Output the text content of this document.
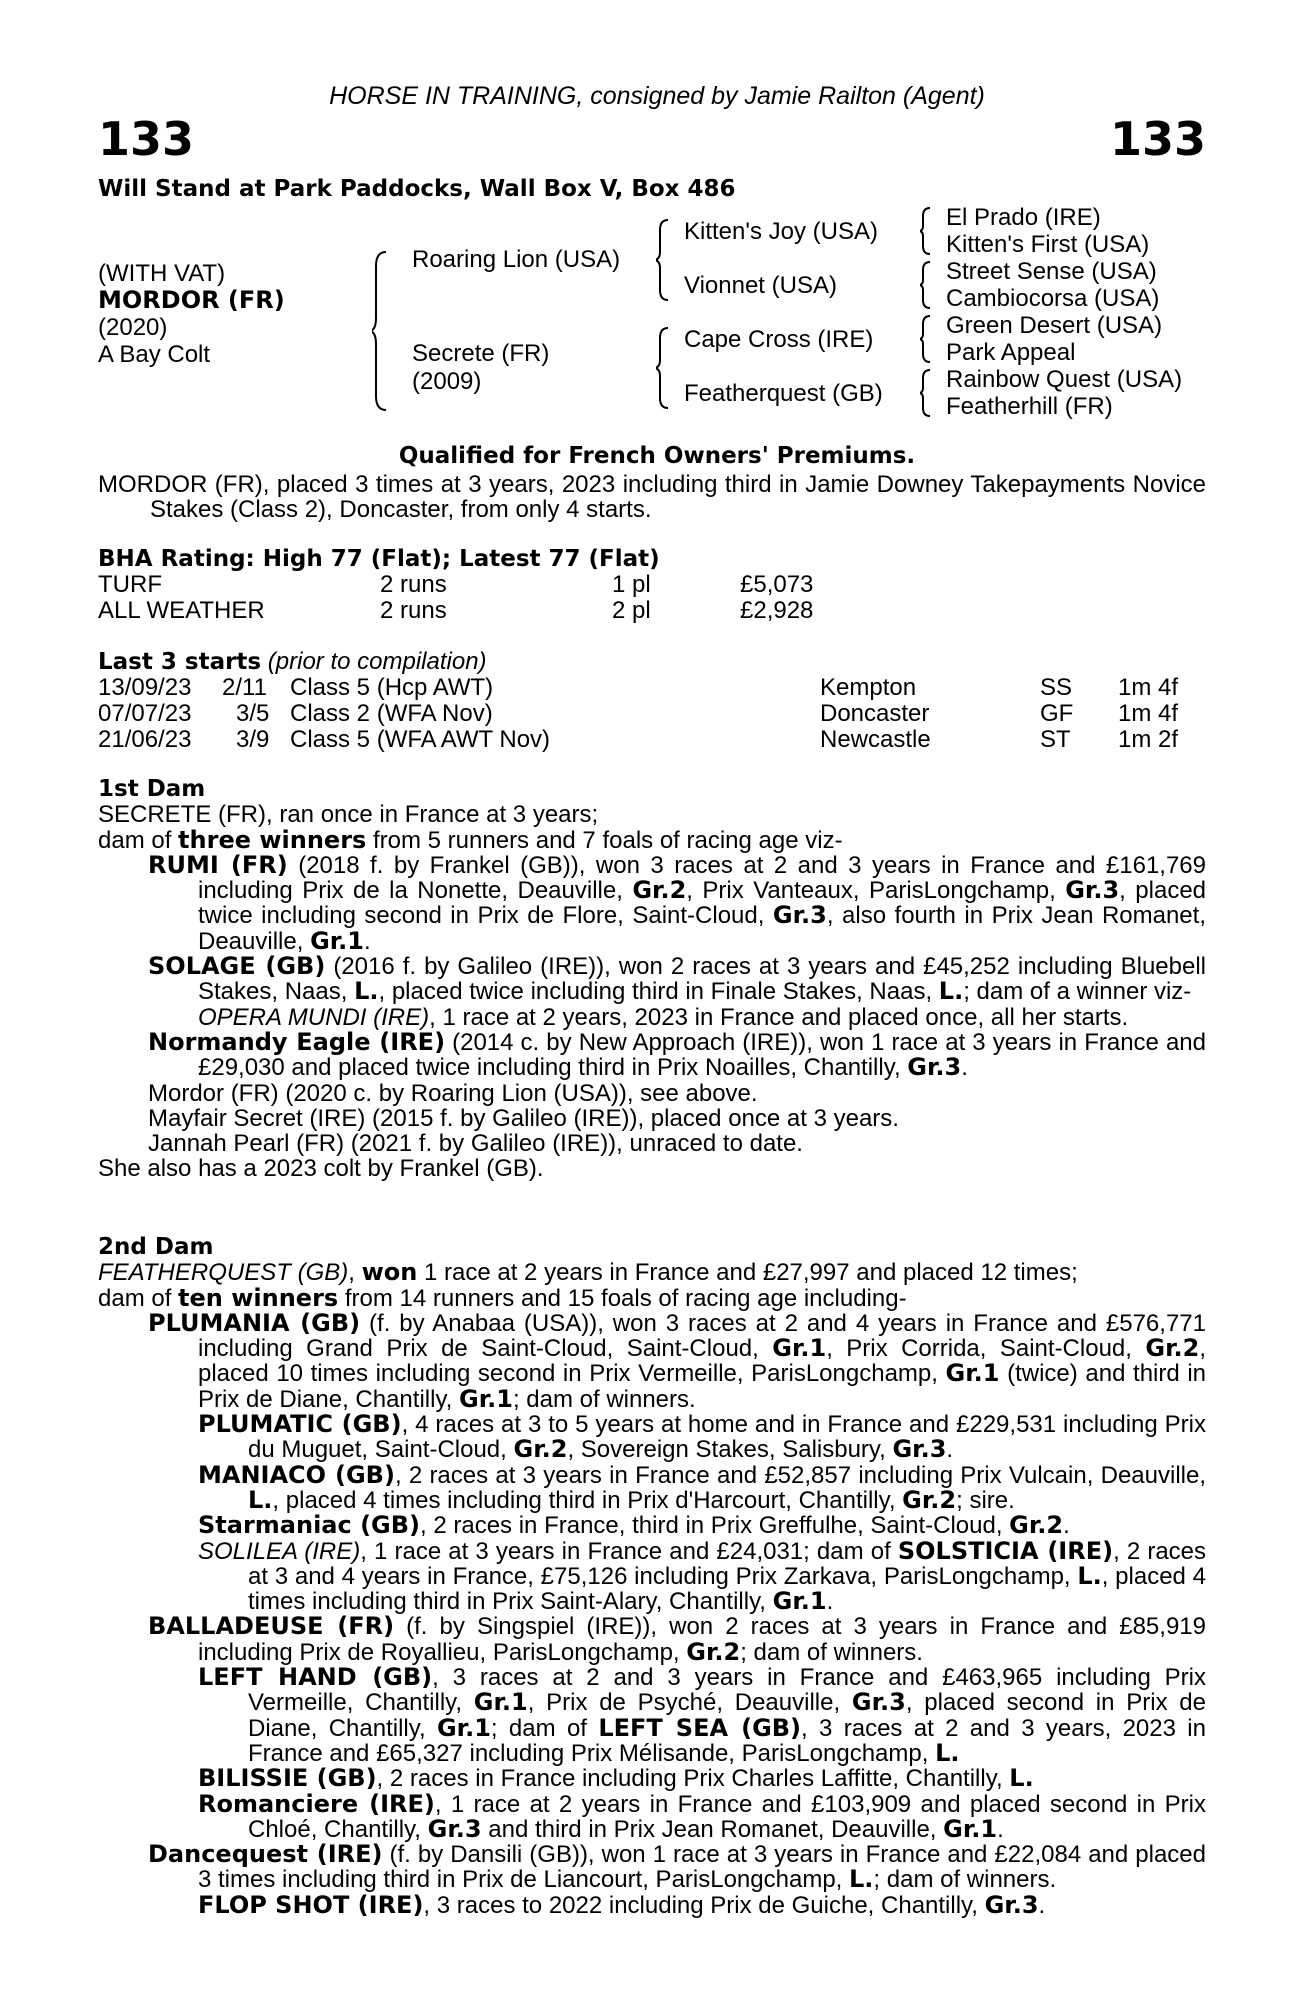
HORSE IN TRAINING, consigned by Jamie Railton (Agent)
133	133
Will Stand at Park Paddocks, Wall Box V, Box 486
(WITH VAT)
MORDOR (FR)
(2020)
A Bay Colt
Roaring Lion (USA)
Secrete (FR)
(2009)
Kitten's Joy (USA)
Vionnet (USA)
Cape Cross (IRE)
Featherquest (GB)
El Prado (IRE)
Kitten's First (USA)
Street Sense (USA)
Cambiocorsa (USA)
Green Desert (USA)
Park Appeal
Rainbow Quest (USA)
Featherhill (FR)
Qualified for French Owners' Premiums.
MORDOR (FR), placed 3 times at 3 years, 2023 including third in Jamie Downey Takepayments Novice Stakes (Class 2), Doncaster, from only 4 starts.
BHA Rating: High 77 (Flat); Latest 77 (Flat)
TURF	2 runs	1 pl	£5,073
ALL WEATHER	2 runs	2 pl	£2,928
Last 3 starts (prior to compilation)
13/09/23 2/11 Class 5 (Hcp AWT)	Kempton	SS 1m 4f
07/07/23 3/5 Class 2 (WFA Nov)	Doncaster	GF 1m 4f
21/06/23 3/9 Class 5 (WFA AWT Nov)	Newcastle	ST 1m 2f

1st Dam

SECRETE (FR), ran once in France at 3 years;

dam of three winners from 5 runners and 7 foals of racing age viz-

RUMI (FR) (2018 f. by Frankel (GB)), won 3 races at 2 and 3 years in France and £161,769 including Prix de la Nonette, Deauville, Gr.2, Prix Vanteaux, ParisLongchamp, Gr.3, placed twice including second in Prix de Flore, Saint-Cloud, Gr.3, also fourth in Prix Jean Romanet, Deauville, Gr.1.

SOLAGE (GB) (2016 f. by Galileo (IRE)), won 2 races at 3 years and £45,252 including Bluebell Stakes, Naas, L., placed twice including third in Finale Stakes, Naas, L.; dam of a winner viz-

OPERA MUNDI (IRE), 1 race at 2 years, 2023 in France and placed once, all her starts.

Normandy Eagle (IRE) (2014 c. by New Approach (IRE)), won 1 race at 3 years in France and £29,030 and placed twice including third in Prix Noailles, Chantilly, Gr.3.

Mordor (FR) (2020 c. by Roaring Lion (USA)), see above.

Mayfair Secret (IRE) (2015 f. by Galileo (IRE)), placed once at 3 years.

Jannah Pearl (FR) (2021 f. by Galileo (IRE)), unraced to date.

She also has a 2023 colt by Frankel (GB).

2nd Dam

FEATHERQUEST (GB), won 1 race at 2 years in France and £27,997 and placed 12 times;

dam of ten winners from 14 runners and 15 foals of racing age including-

PLUMANIA (GB) (f. by Anabaa (USA)), won 3 races at 2 and 4 years in France and £576,771 including Grand Prix de Saint-Cloud, Saint-Cloud, Gr.1, Prix Corrida, Saint-Cloud, Gr.2, placed 10 times including second in Prix Vermeille, ParisLongchamp, Gr.1 (twice) and third in Prix de Diane, Chantilly, Gr.1; dam of winners.

PLUMATIC (GB), 4 races at 3 to 5 years at home and in France and £229,531 including Prix du Muguet, Saint-Cloud, Gr.2, Sovereign Stakes, Salisbury, Gr.3.

MANIACO (GB), 2 races at 3 years in France and £52,857 including Prix Vulcain, Deauville, L., placed 4 times including third in Prix d'Harcourt, Chantilly, Gr.2; sire.

Starmaniac (GB), 2 races in France, third in Prix Greffulhe, Saint-Cloud, Gr.2.

SOLILEA (IRE), 1 race at 3 years in France and £24,031; dam of SOLSTICIA (IRE), 2 races at 3 and 4 years in France, £75,126 including Prix Zarkava, ParisLongchamp, L., placed 4 times including third in Prix Saint-Alary, Chantilly, Gr.1.

BALLADEUSE (FR) (f. by Singspiel (IRE)), won 2 races at 3 years in France and £85,919 including Prix de Royallieu, ParisLongchamp, Gr.2; dam of winners.

LEFT HAND (GB), 3 races at 2 and 3 years in France and £463,965 including Prix Vermeille, Chantilly, Gr.1, Prix de Psyché, Deauville, Gr.3, placed second in Prix de Diane, Chantilly, Gr.1; dam of LEFT SEA (GB), 3 races at 2 and 3 years, 2023 in France and £65,327 including Prix Mélisande, ParisLongchamp, L.

BILISSIE (GB), 2 races in France including Prix Charles Laffitte, Chantilly, L.

Romanciere (IRE), 1 race at 2 years in France and £103,909 and placed second in Prix Chloé, Chantilly, Gr.3 and third in Prix Jean Romanet, Deauville, Gr.1.

Dancequest (IRE) (f. by Dansili (GB)), won 1 race at 3 years in France and £22,084 and placed 3 times including third in Prix de Liancourt, ParisLongchamp, L.; dam of winners.

FLOP SHOT (IRE), 3 races to 2022 including Prix de Guiche, Chantilly, Gr.3.
